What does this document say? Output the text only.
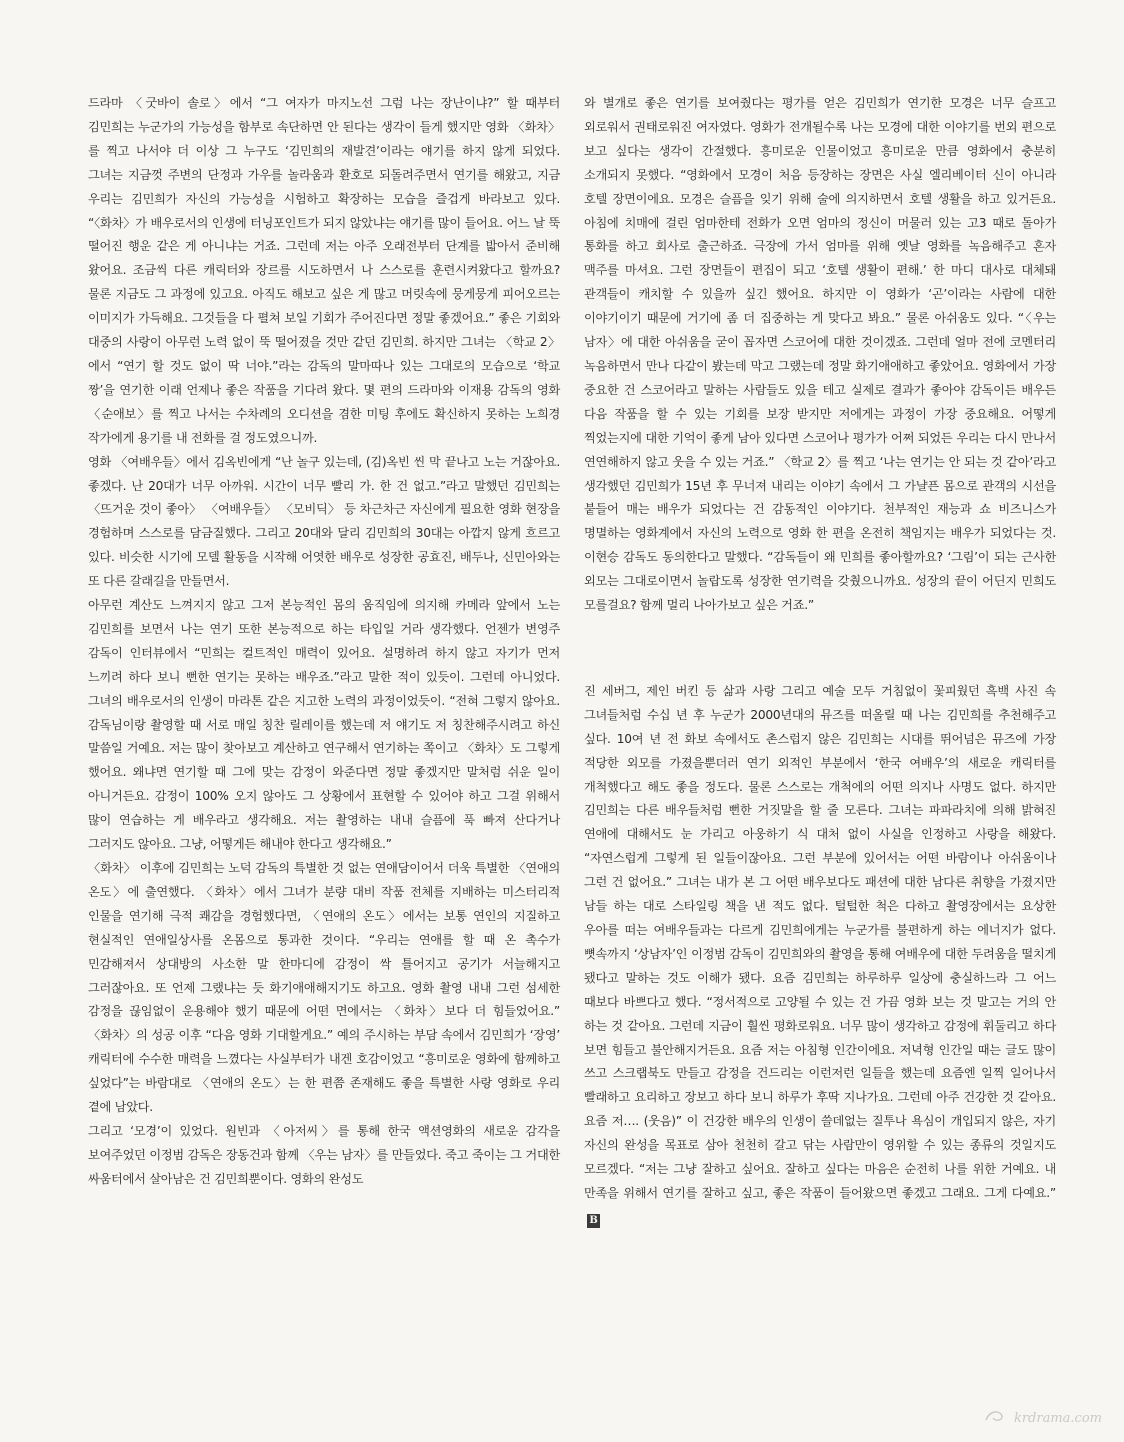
드라마 〈굿바이 솔로〉에서 “그 여자가 마지노선 그럼 나는 장난이냐?” 할 때부터 김민희는 누군가의 가능성을 함부로 속단하면 안 된다는 생각이 들게 했지만 영화 〈화차〉를 찍고 나서야 더 이상 그 누구도 ‘김민희의 재발견’이라는 얘기를 하지 않게 되었다. 그녀는 지금껏 주변의 단정과 가우를 놀라움과 환호로 되돌려주면서 연기를 해왔고, 지금 우리는 김민희가 자신의 가능성을 시험하고 확장하는 모습을 즐겁게 바라보고 있다. “〈화차〉가 배우로서의 인생에 터닝포인트가 되지 않았냐는 얘기를 많이 들어요. 어느 날 뚝 떨어진 행운 같은 게 아니냐는 거죠. 그런데 저는 아주 오래전부터 단계를 밟아서 준비해 왔어요. 조금씩 다른 캐릭터와 장르를 시도하면서 나 스스로를 훈련시켜왔다고 할까요? 물론 지금도 그 과정에 있고요. 아직도 해보고 싶은 게 많고 머릿속에 뭉게뭉게 피어오르는 이미지가 가득해요. 그것들을 다 펼쳐 보일 기회가 주어진다면 정말 좋겠어요.” 좋은 기회와 대중의 사랑이 아무런 노력 없이 뚝 떨어졌을 것만 같던 김민희. 하지만 그녀는 〈학교 2〉에서 “연기 할 것도 없이 딱 너야.”라는 감독의 말마따나 있는 그대로의 모습으로 ‘학교 짱’을 연기한 이래 언제나 좋은 작품을 기다려 왔다. 몇 편의 드라마와 이재용 감독의 영화 〈순애보〉를 찍고 나서는 수차례의 오디션을 겸한 미팅 후에도 확신하지 못하는 노희경 작가에게 용기를 내 전화를 걸 정도였으니까.

영화 〈여배우들〉에서 김옥빈에게 “난 놀구 있는데, (김)옥빈 씬 막 끝나고 노는 거잖아요. 좋겠다. 난 20대가 너무 아까워. 시간이 너무 빨리 가. 한 건 없고.”라고 말했던 김민희는 〈뜨거운 것이 좋아〉 〈여배우들〉 〈모비딕〉 등 차근차근 자신에게 필요한 영화 현장을 경험하며 스스로를 담금질했다. 그리고 20대와 달리 김민희의 30대는 아깝지 않게 흐르고 있다. 비슷한 시기에 모델 활동을 시작해 어엿한 배우로 성장한 공효진, 배두나, 신민아와는 또 다른 갈래길을 만들면서.

아무런 계산도 느껴지지 않고 그저 본능적인 몸의 움직임에 의지해 카메라 앞에서 노는 김민희를 보면서 나는 연기 또한 본능적으로 하는 타입일 거라 생각했다. 언젠가 변영주 감독이 인터뷰에서 “민희는 컬트적인 매력이 있어요. 설명하려 하지 않고 자기가 먼저 느끼려 하다 보니 뻔한 연기는 못하는 배우죠.”라고 말한 적이 있듯이. 그런데 아니었다. 그녀의 배우로서의 인생이 마라톤 같은 지고한 노력의 과정이었듯이. “전혀 그렇지 않아요. 감독님이랑 촬영할 때 서로 매일 칭찬 릴레이를 했는데 저 얘기도 저 칭찬해주시려고 하신 말씀일 거예요. 저는 많이 찾아보고 계산하고 연구해서 연기하는 쪽이고 〈화차〉도 그렇게 했어요. 왜냐면 연기할 때 그에 맞는 감정이 와준다면 정말 좋겠지만 말처럼 쉬운 일이 아니거든요. 감정이 100% 오지 않아도 그 상황에서 표현할 수 있어야 하고 그걸 위해서 많이 연습하는 게 배우라고 생각해요. 저는 촬영하는 내내 슬픔에 푹 빠져 산다거나 그러지도 않아요. 그냥, 어떻게든 해내야 한다고 생각해요.”

〈화차〉 이후에 김민희는 노덕 감독의 특별한 것 없는 연애담이어서 더욱 특별한 〈연애의 온도〉에 출연했다. 〈화차〉에서 그녀가 분량 대비 작품 전체를 지배하는 미스터리적 인물을 연기해 극적 쾌감을 경험했다면, 〈연애의 온도〉에서는 보통 연인의 지질하고 현실적인 연애일상사를 온몸으로 통과한 것이다. “우리는 연애를 할 때 온 촉수가 민감해져서 상대방의 사소한 말 한마디에 감정이 싹 틀어지고 공기가 서늘해지고 그러잖아요. 또 언제 그랬냐는 듯 화기애애해지기도 하고요. 영화 촬영 내내 그런 섬세한 감정을 끊임없이 운용해야 했기 때문에 어떤 면에서는 〈화차〉보다 더 힘들었어요.” 〈화차〉의 성공 이후 “다음 영화 기대할게요.” 예의 주시하는 부담 속에서 김민희가 ‘장영’ 캐릭터에 수수한 매력을 느꼈다는 사실부터가 내겐 호감이었고 “흥미로운 영화에 함께하고 싶었다”는 바람대로 〈연애의 온도〉는 한 편쯤 존재해도 좋을 특별한 사랑 영화로 우리 곁에 남았다.

그리고 ‘모경’이 있었다. 원빈과 〈아저씨〉를 통해 한국 액션영화의 새로운 감각을 보여주었던 이정범 감독은 장동건과 함께 〈우는 남자〉를 만들었다. 죽고 죽이는 그 거대한 싸움터에서 살아남은 건 김민희뿐이다. 영화의 완성도

와 별개로 좋은 연기를 보여줬다는 평가를 얻은 김민희가 연기한 모경은 너무 슬프고 외로워서 권태로워진 여자였다. 영화가 전개될수록 나는 모경에 대한 이야기를 번외 편으로 보고 싶다는 생각이 간절했다. 흥미로운 인물이었고 흥미로운 만큼 영화에서 충분히 소개되지 못했다. “영화에서 모경이 처음 등장하는 장면은 사실 엘리베이터 신이 아니라 호텔 장면이에요. 모경은 슬픔을 잊기 위해 술에 의지하면서 호텔 생활을 하고 있거든요. 아침에 치매에 걸린 엄마한테 전화가 오면 엄마의 정신이 머물러 있는 고3 때로 돌아가 통화를 하고 회사로 출근하죠. 극장에 가서 엄마를 위해 옛날 영화를 녹음해주고 혼자 맥주를 마셔요. 그런 장면들이 편집이 되고 ‘호텔 생활이 편해.’ 한 마디 대사로 대체돼 관객들이 캐치할 수 있을까 싶긴 했어요. 하지만 이 영화가 ‘곤’이라는 사람에 대한 이야기이기 때문에 거기에 좀 더 집중하는 게 맞다고 봐요.” 물론 아쉬움도 있다. “〈우는 남자〉에 대한 아쉬움을 굳이 꼽자면 스코어에 대한 것이겠죠. 그런데 얼마 전에 코멘터리 녹음하면서 만나 다같이 봤는데 막고 그랬는데 정말 화기애애하고 좋았어요. 영화에서 가장 중요한 건 스코어라고 말하는 사람들도 있을 테고 실제로 결과가 좋아야 감독이든 배우든 다음 작품을 할 수 있는 기회를 보장 받지만 저에게는 과정이 가장 중요해요. 어떻게 찍었는지에 대한 기억이 좋게 남아 있다면 스코어나 평가가 어쩌 되었든 우리는 다시 만나서 연연해하지 않고 웃을 수 있는 거죠.” 〈학교 2〉를 찍고 ‘나는 연기는 안 되는 것 같아’라고 생각했던 김민희가 15년 후 무너져 내리는 이야기 속에서 그 가냘픈 몸으로 관객의 시선을 붙들어 매는 배우가 되었다는 건 감동적인 이야기다. 천부적인 재능과 쇼 비즈니스가 명멸하는 영화계에서 자신의 노력으로 영화 한 편을 온전히 책임지는 배우가 되었다는 것. 이현승 감독도 동의한다고 말했다. “감독들이 왜 민희를 좋아할까요? ‘그림’이 되는 근사한 외모는 그대로이면서 놀랍도록 성장한 연기력을 갖췄으니까요. 성장의 끝이 어딘지 민희도 모를걸요? 함께 멀리 나아가보고 싶은 거죠.”

진 세버그, 제인 버킨 등 삶과 사랑 그리고 예술 모두 거침없이 꽃피웠던 흑백 사진 속 그녀들처럼 수십 년 후 누군가 2000년대의 뮤즈를 떠올릴 때 나는 김민희를 추천해주고 싶다. 10여 년 전 화보 속에서도 촌스럽지 않은 김민희는 시대를 뛰어넘은 뮤즈에 가장 적당한 외모를 가졌을뿐더러 연기 외적인 부분에서 ‘한국 여배우’의 새로운 캐릭터를 개척했다고 해도 좋을 정도다. 물론 스스로는 개척에의 어떤 의지나 사명도 없다. 하지만 김민희는 다른 배우들처럼 뻔한 거짓말을 할 줄 모른다. 그녀는 파파라치에 의해 밝혀진 연애에 대해서도 눈 가리고 아웅하기 식 대처 없이 사실을 인정하고 사랑을 해왔다. “자연스럽게 그렇게 된 일들이잖아요. 그런 부분에 있어서는 어떤 바람이나 아쉬움이나 그런 건 없어요.” 그녀는 내가 본 그 어떤 배우보다도 패션에 대한 남다른 취향을 가졌지만 남들 하는 대로 스타일링 책을 낸 적도 없다. 털털한 척은 다하고 촬영장에서는 요상한 우아를 떠는 여배우들과는 다르게 김민희에게는 누군가를 불편하게 하는 에너지가 없다. 뼛속까지 ‘상남자’인 이정범 감독이 김민희와의 촬영을 통해 여배우에 대한 두려움을 떨치게 됐다고 말하는 것도 이해가 됐다. 요즘 김민희는 하루하루 일상에 충실하느라 그 어느 때보다 바쁘다고 했다. “정서적으로 고양될 수 있는 건 가끔 영화 보는 것 말고는 거의 안 하는 것 같아요. 그런데 지금이 훨씬 평화로워요. 너무 많이 생각하고 감정에 휘둘리고 하다 보면 힘들고 불안해지거든요. 요즘 저는 아침형 인간이에요. 저녁형 인간일 때는 글도 많이 쓰고 스크랩북도 만들고 감정을 건드리는 이런저런 일들을 했는데 요즘엔 일찍 일어나서 빨래하고 요리하고 장보고 하다 보니 하루가 후딱 지나가요. 그런데 아주 건강한 것 같아요. 요즘 저…. (웃음)” 이 건강한 배우의 인생이 쓸데없는 질투나 욕심이 개입되지 않은, 자기 자신의 완성을 목표로 삼아 천천히 갈고 닦는 사람만이 영위할 수 있는 종류의 것일지도 모르겠다. “저는 그냥 잘하고 싶어요. 잘하고 싶다는 마음은 순전히 나를 위한 거예요. 내 만족을 위해서 연기를 잘하고 싶고, 좋은 작품이 들어왔으면 좋겠고 그래요. 그게 다예요.”B

krdrama.com
